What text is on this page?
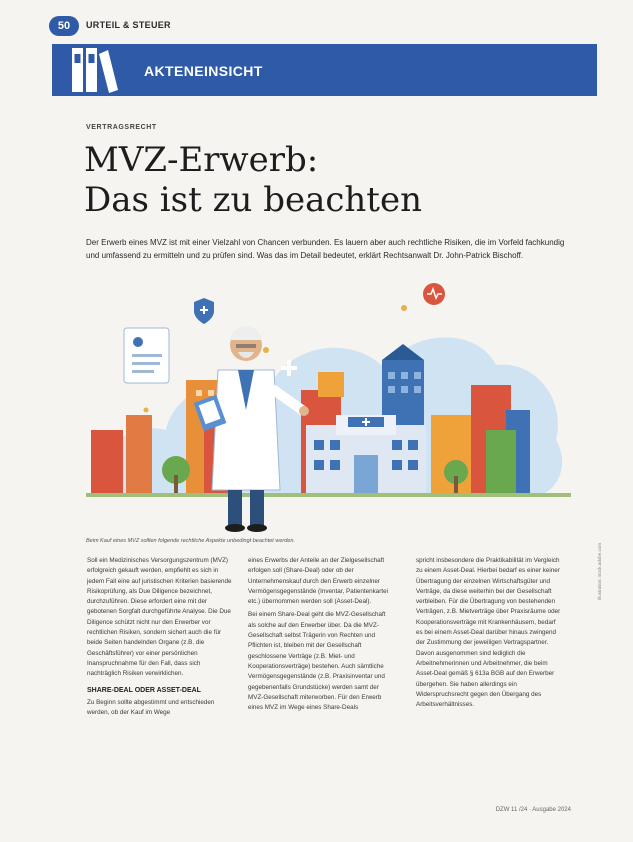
50	URTEIL & STEUER
AKTENEINSICHT
VERTRAGSRECHT
MVZ-Erwerb:
Das ist zu beachten
Der Erwerb eines MVZ ist mit einer Vielzahl von Chancen verbunden. Es lauern aber auch rechtliche Risiken, die im Vorfeld fachkundig und umfassend zu ermitteln und zu prüfen sind. Was das im Detail bedeutet, erklärt Rechtsanwalt Dr. John-Patrick Bischoff.
Beim Kauf eines MVZ sollten folgende rechtliche Aspekte unbedingt beachtet werden.

Soll ein Medizinisches Versorgungszentrum (MVZ) erfolgreich gekauft werden, empfiehlt es sich in jedem Fall eine auf juristischen Kriterien basierende Risikoprüfung, als Due Diligence bezeichnet, durchzuführen. Diese erfordert eine mit der gebotenen Sorgfalt durchgeführte Analyse. Die Due Diligence schützt nicht nur den Erwerber vor rechtlichen Risiken, sondern sichert auch die für beide Seiten handelnden Organe (z.B. die Geschäftsführer) vor einer persönlichen Inanspruchnahme für den Fall, dass sich nachträglich Risiken verwirklichen.

SHARE-DEAL ODER ASSET-DEAL

Zu Beginn sollte abgestimmt und entschieden werden, ob der Kauf im Wege

eines Erwerbs der Anteile an der Zielgesellschaft erfolgen soll (Share-Deal) oder ob der Unternehmenskauf durch den Erwerb einzelner Vermögensgegenstände (Inventar, Patientenkartei etc.) übernommen werden soll (Asset-Deal).

Bei einem Share-Deal geht die MVZ-Gesellschaft als solche auf den Erwerber über. Da die MVZ-Gesellschaft selbst Trägerin von Rechten und Pflichten ist, bleiben mit der Gesellschaft geschlossene Verträge (z.B. Miet- und Kooperationsverträge) bestehen. Auch sämtliche Vermögensgegenstände (z.B. Praxisinventar und gegebenenfalls Grundstücke) werden samt der MVZ-Gesellschaft miterworben. Für den Erwerb eines MVZ im Wege eines Share-Deals

spricht insbesondere die Praktikabilität im Vergleich zu einem Asset-Deal. Hierbei bedarf es einer keiner Übertragung der einzelnen Wirtschaftsgüter und Verträge, da diese weiterhin bei der Gesellschaft verbleiben. Für die Übertragung von bestehenden Verträgen, z.B. Mietverträge über Praxisräume oder Kooperationsverträge mit Krankenhäusern, bedarf es bei einem Asset-Deal darüber hinaus zwingend der Zustimmung der jeweiligen Vertragspartner. Davon ausgenommen sind lediglich die Arbeitnehmerinnen und Arbeitnehmer, die beim Asset-Deal gemäß § 613a BGB auf den Erwerber übergehen. Sie haben allerdings ein Widerspruchsrecht gegen den Übergang des Arbeitsverhältnisses.

DZW 11 /24 · Ausgabe 2024
Illustration: stock.adobe.com
